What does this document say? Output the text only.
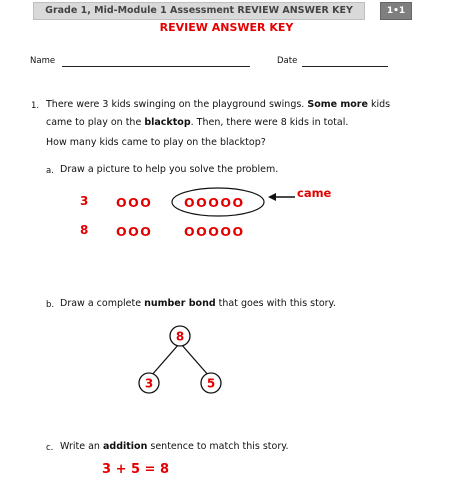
Grade 1, Mid-Module 1 Assessment REVIEW ANSWER KEY	1•1
REVIEW ANSWER KEY
Name	Date
1. There were 3 kids swinging on the playground swings. Some more kids
came to play on the blacktop. Then, there were 8 kids in total.
How many kids came to play on the blacktop?
a. Draw a picture to help you solve the problem.
3 OOO	OOOOO
came
8 OOO	OOOOO
b. Draw a complete number bond that goes with this story.
8
3	5
c. Write an addition sentence to match this story.
3 + 5 = 8
